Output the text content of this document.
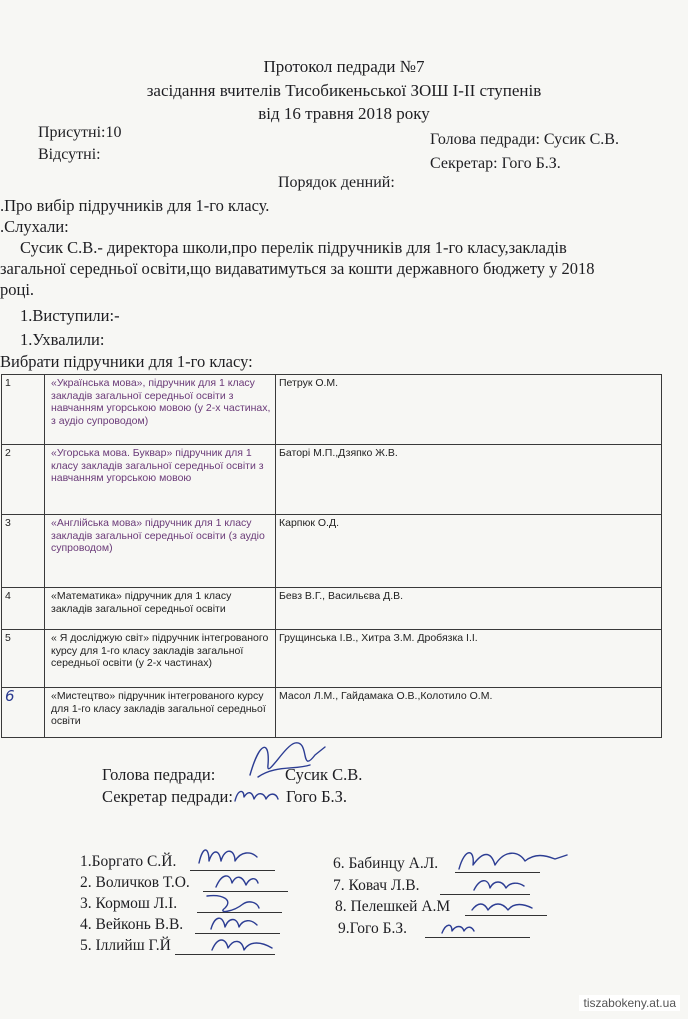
Протокол педради №7
засідання вчителів Тисобикеньської ЗОШ І-ІІ ступенів
від 16 травня 2018 року
Присутні:10
Відсутні:
Голова педради: Сусик С.В.
Секретар: Гого Б.З.
Порядок денний:
.Про вибір підручників для 1-го класу.
.Слухали:
Сусик С.В.- директора школи,про перелік підручників для 1-го класу,закладів
загальної середньої освіти,що видаватимуться за кошти державного бюджету у 2018
році.
1.Виступили:-
1.Ухвалили:
Вибрати підручники для 1-го класу:
1	«Українська мова», підручник для 1 класу закладів загальної середньої освіти з навчанням угорською мовою (у 2-х частинах, з аудіо супроводом)	Петрук О.М.
2	«Угорська мова. Буквар» підручник для 1 класу закладів загальної середньої освіти з навчанням угорською мовою	Баторі М.П.,Дзяпко Ж.В.
3	«Англійська мова» підручник для 1 класу закладів загальної середньої освіти (з аудіо супроводом)	Карпюк О.Д.
4	«Математика» підручник для 1 класу закладів загальної середньої освіти	Бевз В.Г., Васильєва Д.В.
5	« Я досліджую світ» підручник інтегрованого курсу для 1-го класу закладів загальної середньої освіти (у 2-х частинах)	Грущинська І.В., Хитра З.М. Дробязка І.І.
6	«Мистецтво» підручник інтегрованого курсу для 1-го класу закладів загальної середньої освіти	Масол Л.М., Гайдамака О.В.,Колотило О.М.
Голова педради:	Сусик С.В.
Секретар педради:	Гого Б.З.
1.Боргато С.Й.
2. Воличков Т.О.
3. Кормош Л.І.
4. Вейконь В.В.
5. Іллийш Г.Й
6. Бабинцу А.Л.
7. Ковач Л.В.
8. Пелешкей А.М
9.Гого Б.З.
tiszabokeny.at.ua
